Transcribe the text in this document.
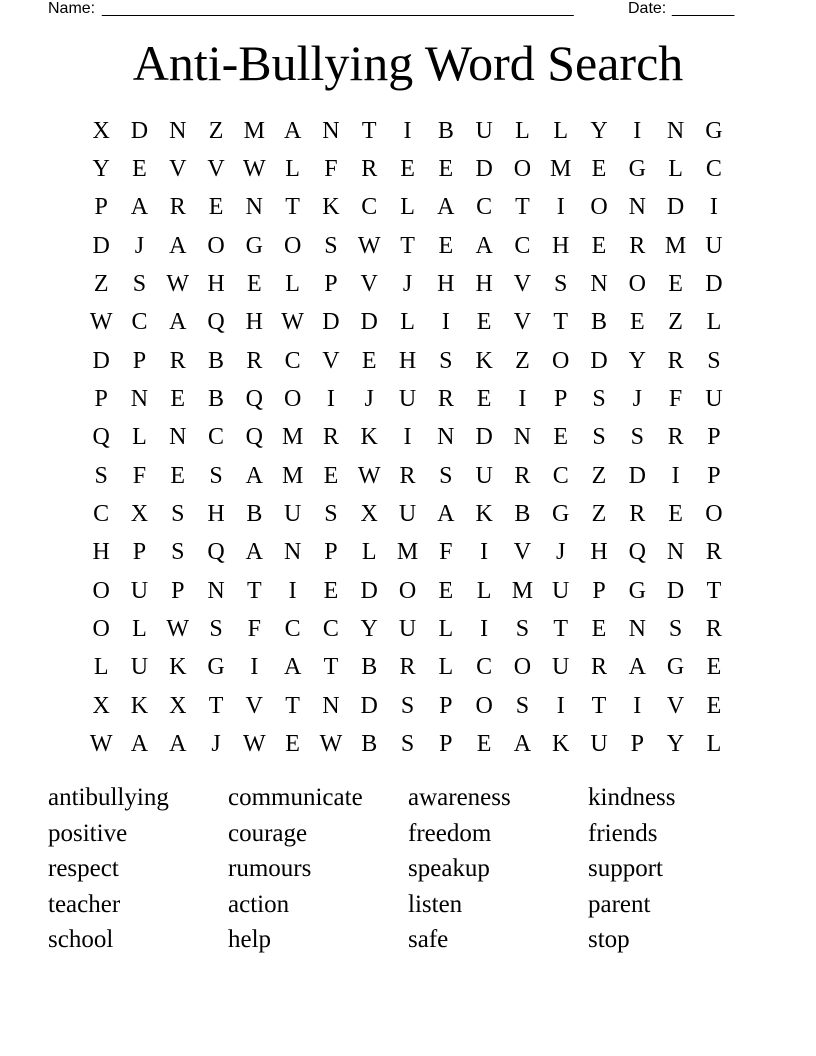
Name: _____________________________________________________	Date: _______
Anti-Bullying Word Search
X D N Z M A N T	I	B U L L Y	I	N G
Y E V V W L	F R E E D O M E G L C
P A R E N T K C L A C T	I	O N D	I
D	J	A O G O S W T E A C H E R M U
Z	S W H E L	P V	J	H H V S N O E D
W C A Q H W D D L	I	E V T B E Z L
D P R B R C V E H S K Z O D Y R S
P N E B Q O	I	J	U R E	I	P	S	J	F U
Q L N C Q M R K	I	N D N E	S	S R P
S	F	E	S A M E W R S U R C Z D	I	P
C X S H B U S X U A K B G Z R E O
H P	S Q A N P	L M F	I	V	J	H Q N R
O U P N T	I	E D O E L M U P G D T
O L W S	F C C Y U L	I	S	T E N S R
L U K G	I	A T B R L C O U R A G E
X K X T V T N D S	P O S	I	T	I	V E
W A A	J W E W B S	P	E A K U P Y L
antibullying	communicate	awareness	kindness
positive	courage	freedom	friends
respect	rumours	speakup	support
teacher	action	listen	parent
school	help	safe	stop
